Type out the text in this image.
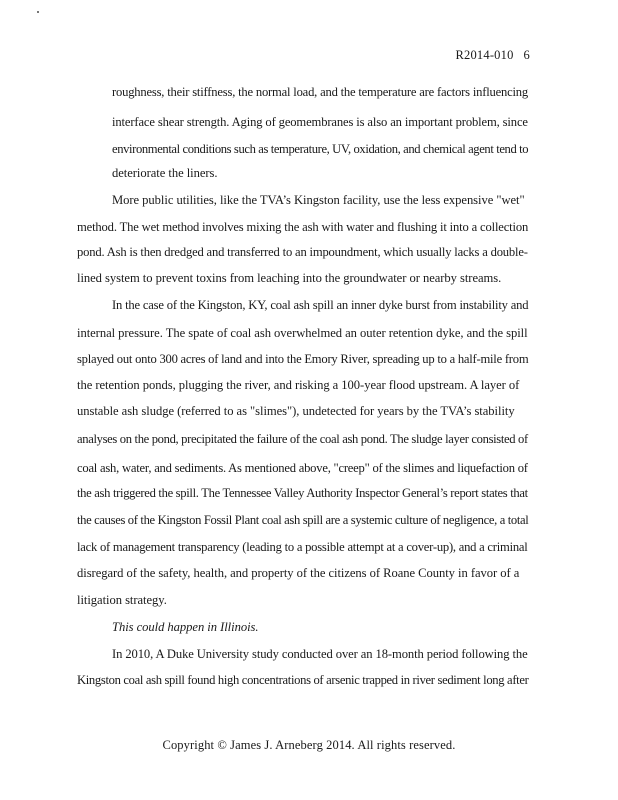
R2014-010 6
roughness, their stiffness, the normal load, and the temperature are factors influencing
interface shear strength. Aging of geomembranes is also an important problem, since
environmental conditions such as temperature, UV, oxidation, and chemical agent tend to
deteriorate the liners.
More public utilities, like the TVA’s Kingston facility, use the less expensive "wet"
method. The wet method involves mixing the ash with water and flushing it into a collection
pond. Ash is then dredged and transferred to an impoundment, which usually lacks a double-
lined system to prevent toxins from leaching into the groundwater or nearby streams.
In the case of the Kingston, KY, coal ash spill an inner dyke burst from instability and
internal pressure. The spate of coal ash overwhelmed an outer retention dyke, and the spill
splayed out onto 300 acres of land and into the Emory River, spreading up to a half-mile from
the retention ponds, plugging the river, and risking a 100-year flood upstream. A layer of
unstable ash sludge (referred to as "slimes"), undetected for years by the TVA’s stability
analyses on the pond, precipitated the failure of the coal ash pond. The sludge layer consisted of
coal ash, water, and sediments. As mentioned above, "creep" of the slimes and liquefaction of
the ash triggered the spill. The Tennessee Valley Authority Inspector General’s report states that
the causes of the Kingston Fossil Plant coal ash spill are a systemic culture of negligence, a total
lack of management transparency (leading to a possible attempt at a cover-up), and a criminal
disregard of the safety, health, and property of the citizens of Roane County in favor of a
litigation strategy.
This could happen in Illinois.
In 2010, A Duke University study conducted over an 18-month period following the
Kingston coal ash spill found high concentrations of arsenic trapped in river sediment long after
Copyright © James J. Arneberg 2014. All rights reserved.
